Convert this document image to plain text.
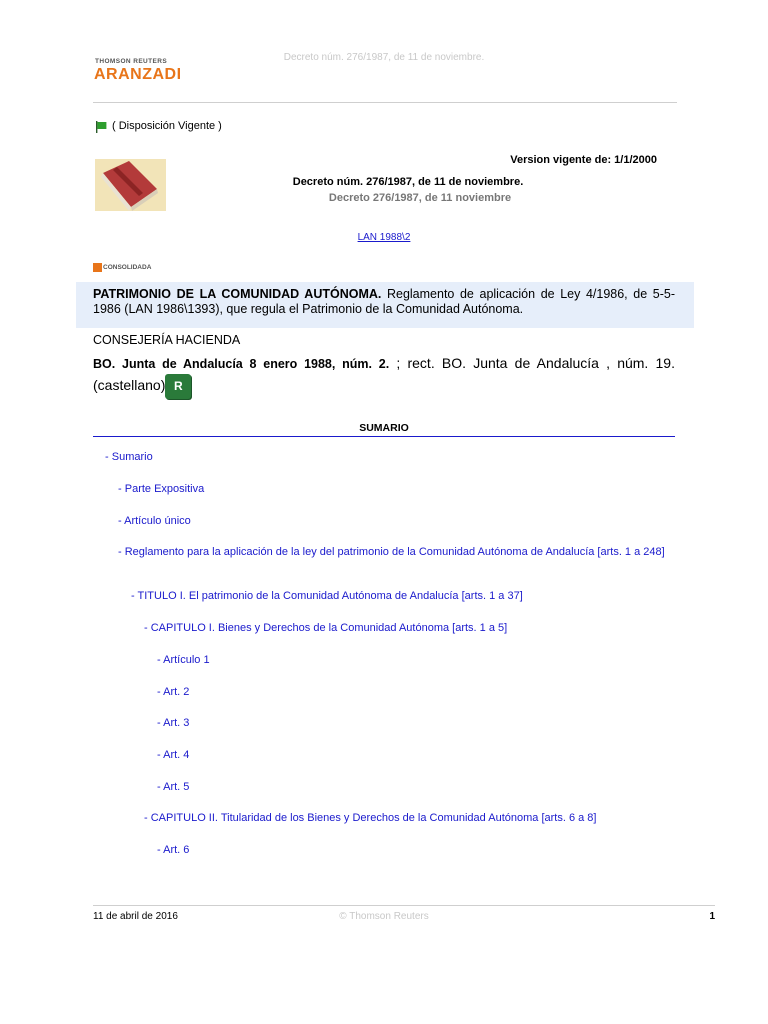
THOMSON REUTERS
ARANZADI
Decreto núm. 276/1987, de 11 de noviembre.
( Disposición Vigente )
Version vigente de: 1/1/2000
Decreto núm. 276/1987, de 11 de noviembre.
Decreto 276/1987, de 11 noviembre
LAN 1988\2
CONSOLIDADA
PATRIMONIO DE LA COMUNIDAD AUTÓNOMA. Reglamento de aplicación de Ley 4/1986, de 5-5-1986 (LAN 1986\1393), que regula el Patrimonio de la Comunidad Autónoma.
CONSEJERÍA HACIENDA
BO. Junta de Andalucía 8 enero 1988, núm. 2. ; rect. BO. Junta de Andalucía , núm. 19. (castellano) R
SUMARIO
- Sumario
- Parte Expositiva
- Artículo único
- Reglamento para la aplicación de la ley del patrimonio de la Comunidad Autónoma de Andalucía [arts. 1 a 248]
- TITULO I. El patrimonio de la Comunidad Autónoma de Andalucía [arts. 1 a 37]
- CAPITULO I. Bienes y Derechos de la Comunidad Autónoma [arts. 1 a 5]
- Artículo 1
- Art. 2
- Art. 3
- Art. 4
- Art. 5
- CAPITULO II. Titularidad de los Bienes y Derechos de la Comunidad Autónoma [arts. 6 a 8]
- Art. 6
11 de abril de 2016	© Thomson Reuters	1
